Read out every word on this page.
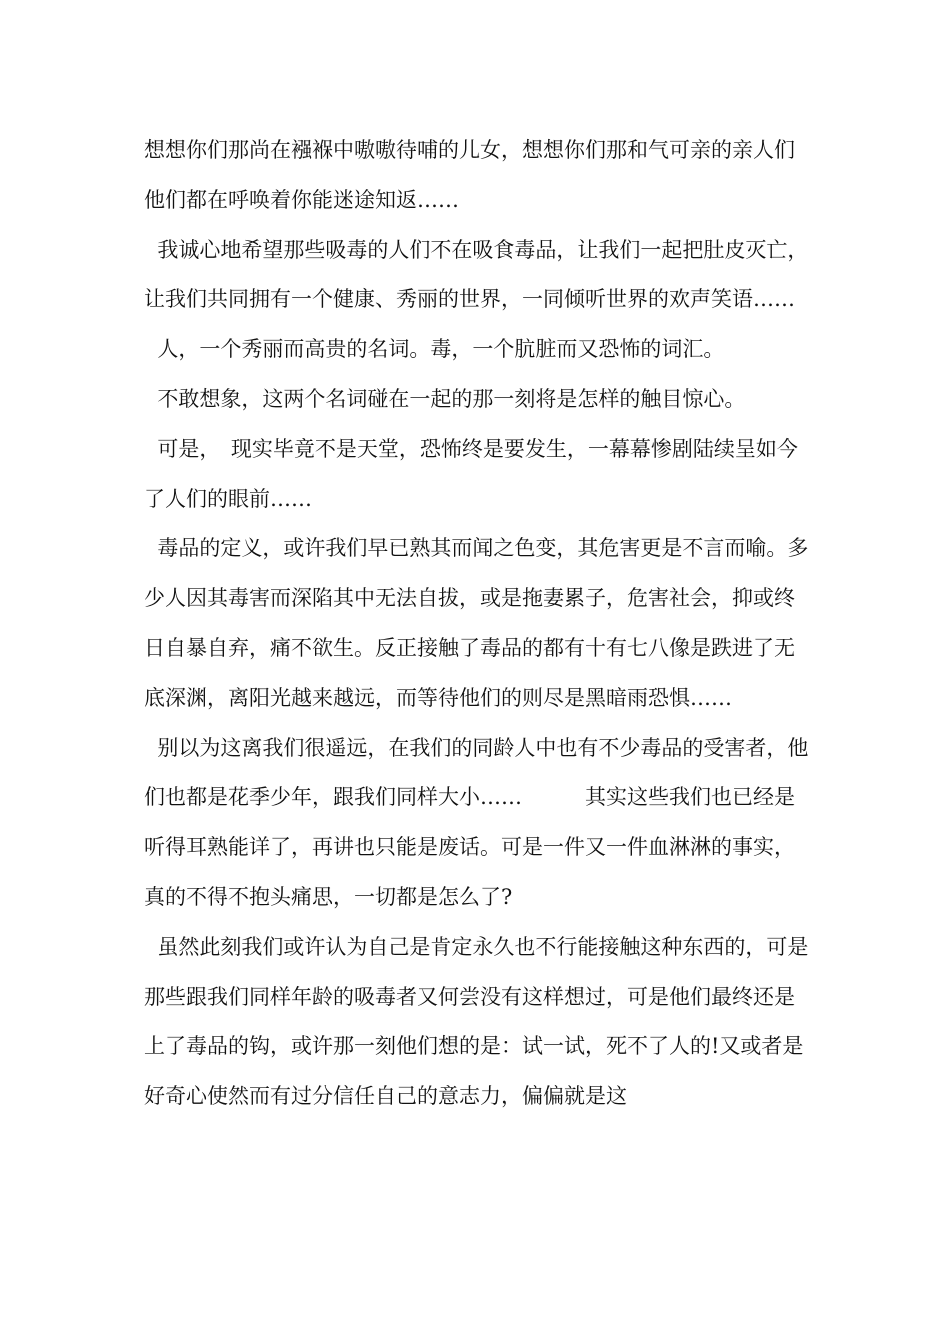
想想你们那尚在襁褓中嗷嗷待哺的儿女，想想你们那和气可亲的亲人们他们都在呼唤着你能迷途知返……

我诚心地希望那些吸毒的人们不在吸食毒品，让我们一起把肚皮灭亡，让我们共同拥有一个健康、秀丽的世界，一同倾听世界的欢声笑语……

人，一个秀丽而高贵的名词。毒，一个肮脏而又恐怖的词汇。

不敢想象，这两个名词碰在一起的那一刻将是怎样的触目惊心。

可是，　现实毕竟不是天堂，恐怖终是要发生，一幕幕惨剧陆续呈如今了人们的眼前……

毒品的定义，或许我们早已熟其而闻之色变，其危害更是不言而喻。多少人因其毒害而深陷其中无法自拔，或是拖妻累子，危害社会，抑或终日自暴自弃，痛不欲生。反正接触了毒品的都有十有七八像是跌进了无底深渊，离阳光越来越远，而等待他们的则尽是黑暗雨恐惧……

别以为这离我们很遥远，在我们的同龄人中也有不少毒品的受害者，他们也都是花季少年，跟我们同样大小……　　　其实这些我们也已经是听得耳熟能详了，再讲也只能是废话。可是一件又一件血淋淋的事实，真的不得不抱头痛思，一切都是怎么了?

虽然此刻我们或许认为自己是肯定永久也不行能接触这种东西的，可是那些跟我们同样年龄的吸毒者又何尝没有这样想过，可是他们最终还是上了毒品的钩，或许那一刻他们想的是：试一试，死不了人的!又或者是好奇心使然而有过分信任自己的意志力，偏偏就是这
